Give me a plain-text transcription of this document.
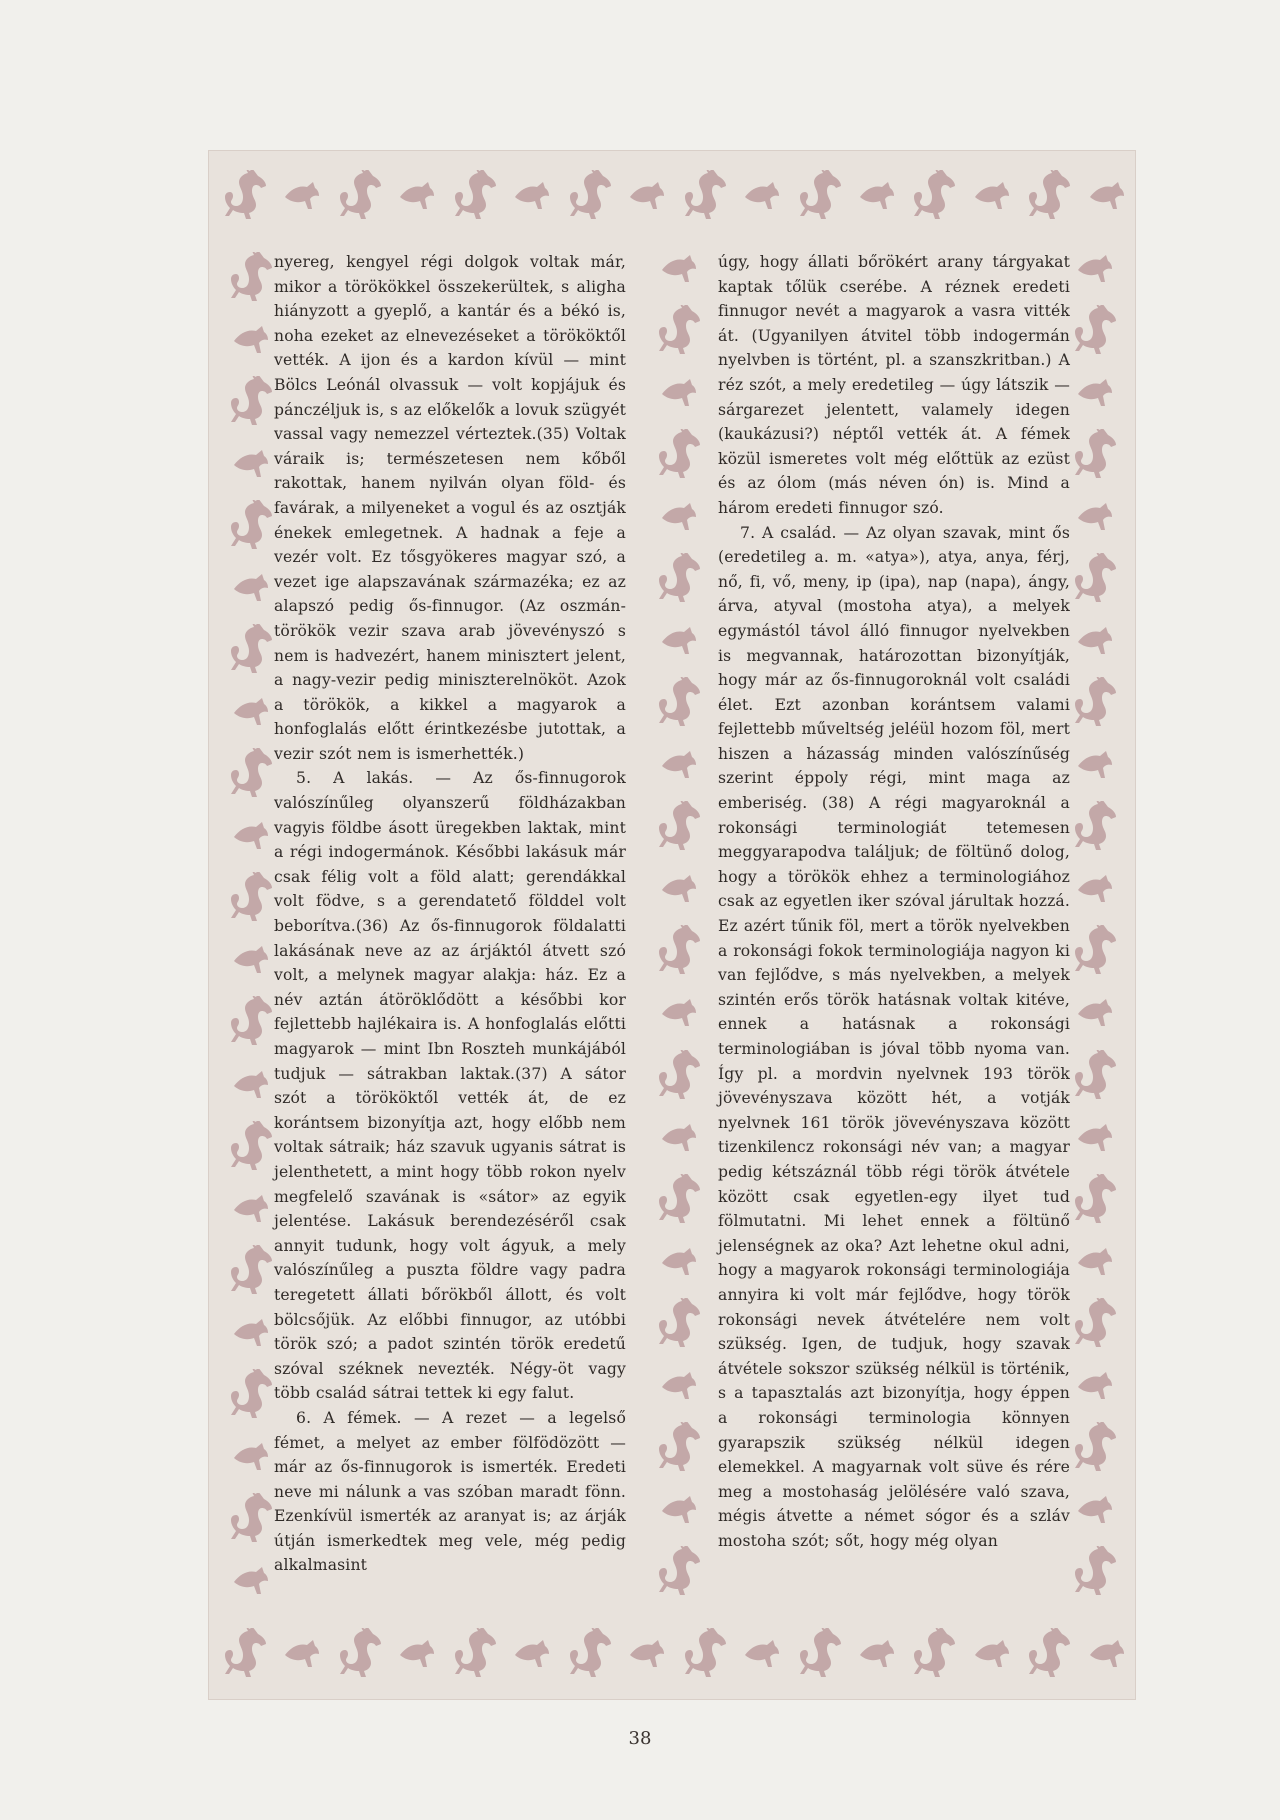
nyereg, kengyel régi dolgok voltak már, mikor a törökökkel összekerültek, s aligha hiányzott a gyeplő, a kantár és a békó is, noha ezeket az elnevezéseket a törököktől vették. A ijon és a kardon kívül — mint Bölcs Leónál olvassuk — volt kopjájuk és pánczéljuk is, s az előkelők a lovuk szügyét vassal vagy nemezzel vérteztek.(35) Voltak váraik is; természetesen nem kőből rakottak, hanem nyilván olyan föld- és favárak, a milyeneket a vogul és az osztják énekek emlegetnek. A hadnak a feje a vezér volt. Ez tősgyökeres magyar szó, a vezet ige alapszavának származéka; ez az alapszó pedig ős-finnugor. (Az oszmán-törökök vezir szava arab jövevényszó s nem is hadvezért, hanem minisztert jelent, a nagy-vezir pedig miniszterelnököt. Azok a törökök, a kikkel a magyarok a honfoglalás előtt érintkezésbe jutottak, a vezir szót nem is ismerhették.)

5. A lakás. — Az ős-finnugorok valószínűleg olyanszerű földházakban vagyis földbe ásott üregekben laktak, mint a régi indogermánok. Későbbi lakásuk már csak félig volt a föld alatt; gerendákkal volt födve, s a gerendatető földdel volt beborítva.(36) Az ős-finnugorok földalatti lakásának neve az az árjáktól átvett szó volt, a melynek magyar alakja: ház. Ez a név aztán átöröklődött a későbbi kor fejlettebb hajlékaira is. A honfoglalás előtti magyarok — mint Ibn Roszteh munkájából tudjuk — sátrakban laktak.(37) A sátor szót a törököktől vették át, de ez korántsem bizonyítja azt, hogy előbb nem voltak sátraik; ház szavuk ugyanis sátrat is jelenthetett, a mint hogy több rokon nyelv megfelelő szavának is «sátor» az egyik jelentése. Lakásuk berendezéséről csak annyit tudunk, hogy volt ágyuk, a mely valószínűleg a puszta földre vagy padra teregetett állati bőrökből állott, és volt bölcsőjük. Az előbbi finnugor, az utóbbi török szó; a padot szintén török eredetű szóval széknek nevezték. Négy-öt vagy több család sátrai tettek ki egy falut.

6. A fémek. — A rezet — a legelső fémet, a melyet az ember fölfödözött — már az ős-finnugorok is ismerték. Eredeti neve mi nálunk a vas szóban maradt fönn. Ezenkívül ismerték az aranyat is; az árják útján ismerkedtek meg vele, még pedig alkalmasint

úgy, hogy állati bőrökért arany tárgyakat kaptak tőlük cserébe. A réznek eredeti finnugor nevét a magyarok a vasra vitték át. (Ugyanilyen átvitel több indogermán nyelvben is történt, pl. a szanszkritban.) A réz szót, a mely eredetileg — úgy látszik — sárgarezet jelentett, valamely idegen (kaukázusi?) néptől vették át. A fémek közül ismeretes volt még előttük az ezüst és az ólom (más néven ón) is. Mind a három eredeti finnugor szó.

7. A család. — Az olyan szavak, mint ős (eredetileg a. m. «atya»), atya, anya, férj, nő, fi, vő, meny, ip (ipa), nap (napa), ángy, árva, atyval (mostoha atya), a melyek egymástól távol álló finnugor nyelvekben is megvannak, határozottan bizonyítják, hogy már az ős-finnugoroknál volt családi élet. Ezt azonban korántsem valami fejlettebb műveltség jeléül hozom föl, mert hiszen a házasság minden valószínűség szerint éppoly régi, mint maga az emberiség. (38) A régi magyaroknál a rokonsági terminologiát tetemesen meggyarapodva találjuk; de föltünő dolog, hogy a törökök ehhez a terminologiához csak az egyetlen iker szóval járultak hozzá. Ez azért tűnik föl, mert a török nyelvekben a rokonsági fokok terminologiája nagyon ki van fejlődve, s más nyelvekben, a melyek szintén erős török hatásnak voltak kitéve, ennek a hatásnak a rokonsági terminologiában is jóval több nyoma van. Így pl. a mordvin nyelvnek 193 török jövevényszava között hét, a votják nyelvnek 161 török jövevényszava között tizenkilencz rokonsági név van; a magyar pedig kétszáznál több régi török átvétele között csak egyetlen-egy ilyet tud fölmutatni. Mi lehet ennek a föltünő jelenségnek az oka? Azt lehetne okul adni, hogy a magyarok rokonsági terminologiája annyira ki volt már fejlődve, hogy török rokonsági nevek átvételére nem volt szükség. Igen, de tudjuk, hogy szavak átvétele sokszor szükség nélkül is történik, s a tapasztalás azt bizonyítja, hogy éppen a rokonsági terminologia könnyen gyarapszik szükség nélkül idegen elemekkel. A magyarnak volt süve és rére meg a mostohaság jelölésére való szava, mégis átvette a német sógor és a szláv mostoha szót; sőt, hogy még olyan

38
